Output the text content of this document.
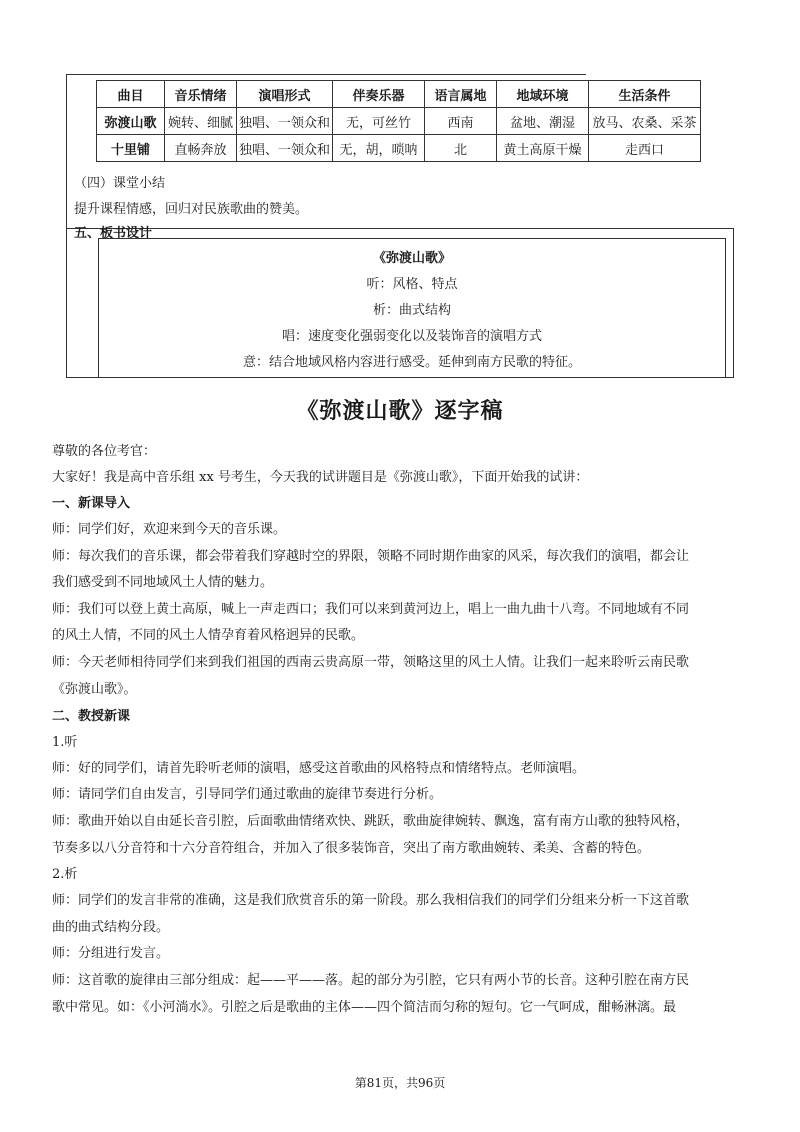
曲目	音乐情绪	演唱形式	伴奏乐器	语言属地	地域环境	生活条件
弥渡山歌	婉转、细腻	独唱、一领众和	无，可丝竹	西南	盆地、潮湿	放马、农桑、采茶
十里铺	直畅奔放	独唱、一领众和	无，胡，唢呐	北	黄土高原干燥	走西口
（四）课堂小结
提升课程情感，回归对民族歌曲的赞美。
五、板书设计
《弥渡山歌》
听：风格、特点
析：曲式结构
唱：速度变化强弱变化以及装饰音的演唱方式
意：结合地域风格内容进行感受。延伸到南方民歌的特征。
《弥渡山歌》逐字稿
尊敬的各位考官：
大家好！我是高中音乐组 xx 号考生，今天我的试讲题目是《弥渡山歌》，下面开始我的试讲：
一、新课导入
师：同学们好，欢迎来到今天的音乐课。
师：每次我们的音乐课，都会带着我们穿越时空的界限，领略不同时期作曲家的风采，每次我们的演唱，都会让
我们感受到不同地域风土人情的魅力。
师：我们可以登上黄土高原，喊上一声走西口；我们可以来到黄河边上，唱上一曲九曲十八弯。不同地域有不同
的风土人情，不同的风土人情孕育着风格迥异的民歌。
师：今天老师相待同学们来到我们祖国的西南云贵高原一带，领略这里的风土人情。让我们一起来聆听云南民歌
《弥渡山歌》。
二、教授新课
1.听
师：好的同学们，请首先聆听老师的演唱，感受这首歌曲的风格特点和情绪特点。老师演唱。
师：请同学们自由发言，引导同学们通过歌曲的旋律节奏进行分析。
师：歌曲开始以自由延长音引腔，后面歌曲情绪欢快、跳跃，歌曲旋律婉转、飘逸，富有南方山歌的独特风格，
节奏多以八分音符和十六分音符组合，并加入了很多装饰音，突出了南方歌曲婉转、柔美、含蓄的特色。
2.析
师：同学们的发言非常的准确，这是我们欣赏音乐的第一阶段。那么我相信我们的同学们分组来分析一下这首歌
曲的曲式结构分段。
师：分组进行发言。
师：这首歌的旋律由三部分组成：起——平——落。起的部分为引腔，它只有两小节的长音。这种引腔在南方民
歌中常见。如：《小河淌水》。引腔之后是歌曲的主体——四个简洁而匀称的短句。它一气呵成，酣畅淋漓。最
第81页，共96页
